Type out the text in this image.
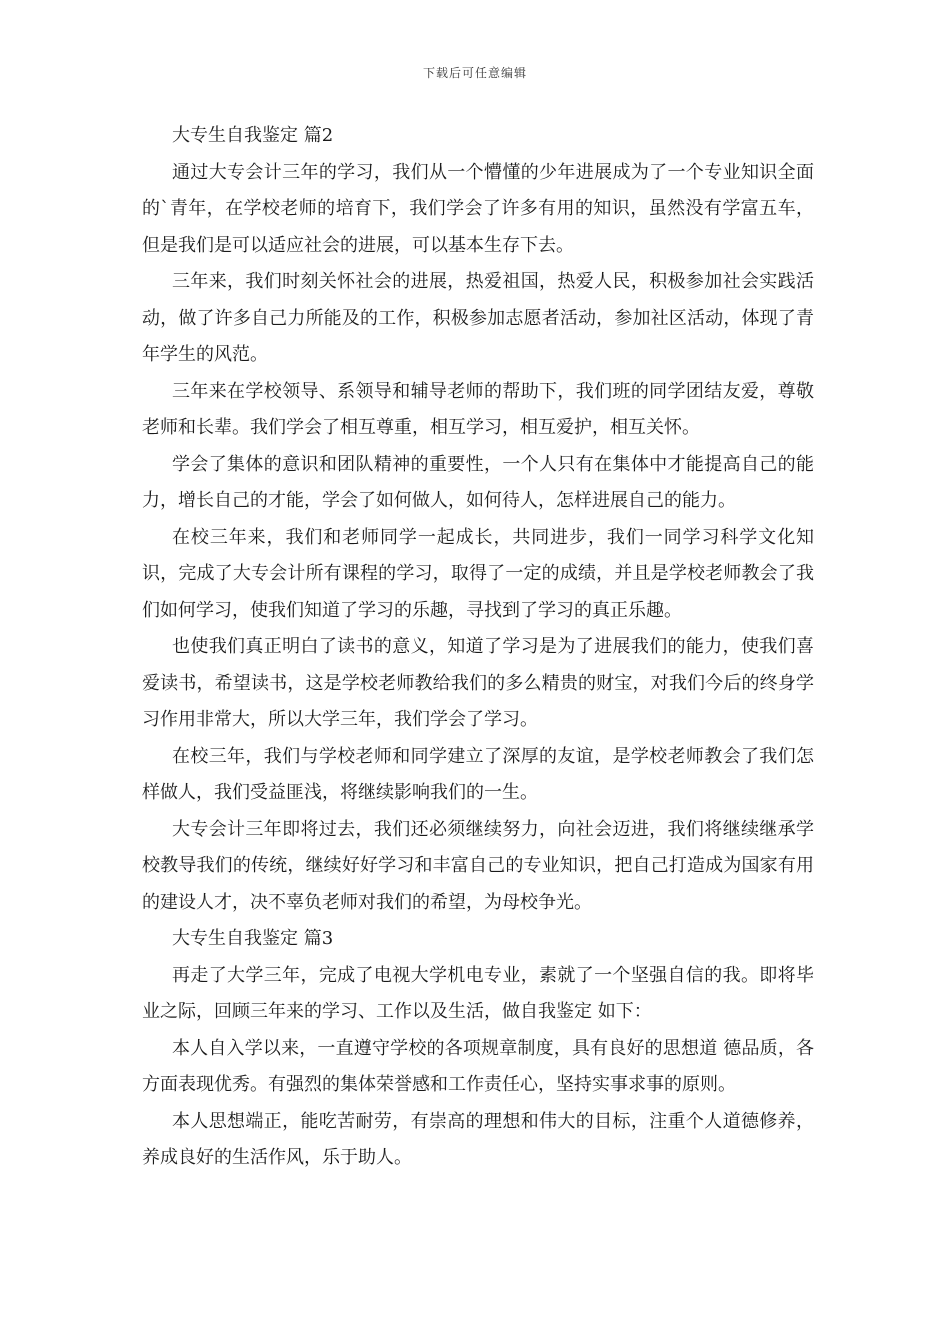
下载后可任意编辑

大专生自我鉴定 篇2

通过大专会计三年的学习，我们从一个懵懂的少年进展成为了一个专业知识全面的`青年，在学校老师的培育下，我们学会了许多有用的知识，虽然没有学富五车，但是我们是可以适应社会的进展，可以基本生存下去。

三年来，我们时刻关怀社会的进展，热爱祖国，热爱人民，积极参加社会实践活动，做了许多自己力所能及的工作，积极参加志愿者活动，参加社区活动，体现了青年学生的风范。

三年来在学校领导、系领导和辅导老师的帮助下，我们班的同学团结友爱，尊敬老师和长辈。我们学会了相互尊重，相互学习，相互爱护，相互关怀。

学会了集体的意识和团队精神的重要性，一个人只有在集体中才能提高自己的能力，增长自己的才能，学会了如何做人，如何待人，怎样进展自己的能力。

在校三年来，我们和老师同学一起成长，共同进步，我们一同学习科学文化知识，完成了大专会计所有课程的学习，取得了一定的成绩，并且是学校老师教会了我们如何学习，使我们知道了学习的乐趣，寻找到了学习的真正乐趣。

也使我们真正明白了读书的意义，知道了学习是为了进展我们的能力，使我们喜爱读书，希望读书，这是学校老师教给我们的多么精贵的财宝，对我们今后的终身学习作用非常大，所以大学三年，我们学会了学习。

在校三年，我们与学校老师和同学建立了深厚的友谊，是学校老师教会了我们怎样做人，我们受益匪浅，将继续影响我们的一生。

大专会计三年即将过去，我们还必须继续努力，向社会迈进，我们将继续继承学校教导我们的传统，继续好好学习和丰富自己的专业知识，把自己打造成为国家有用的建设人才，决不辜负老师对我们的希望，为母校争光。

大专生自我鉴定 篇3

再走了大学三年，完成了电视大学机电专业，素就了一个坚强自信的我。即将毕业之际，回顾三年来的学习、工作以及生活，做自我鉴定 如下：

本人自入学以来，一直遵守学校的各项规章制度，具有良好的思想道 德品质，各方面表现优秀。有强烈的集体荣誉感和工作责任心，坚持实事求事的原则。

本人思想端正，能吃苦耐劳，有崇高的理想和伟大的目标，注重个人道德修养，养成良好的生活作风，乐于助人。
